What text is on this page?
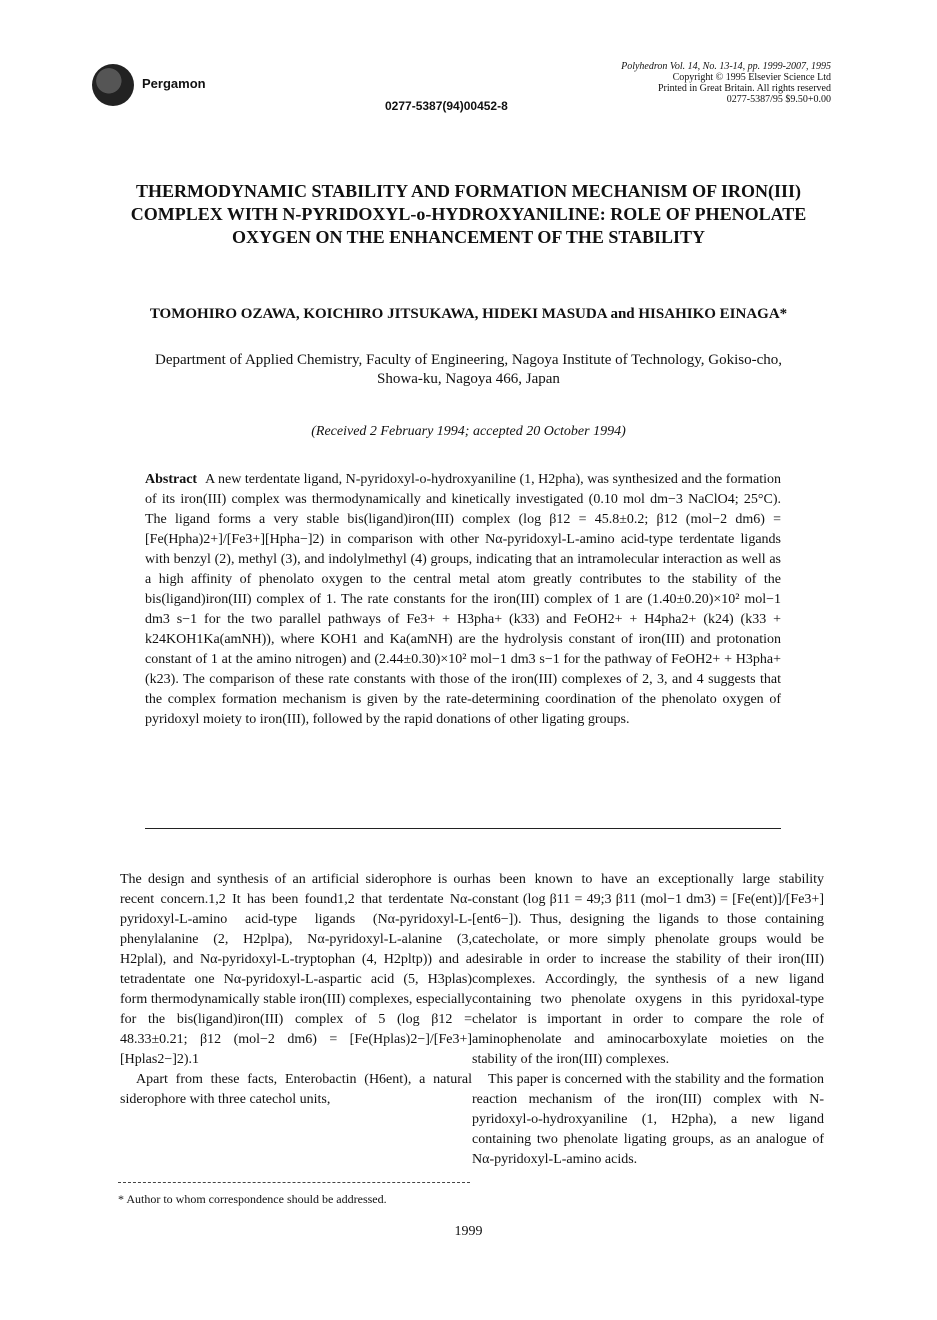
Pergamon
Polyhedron Vol. 14, No. 13-14, pp. 1999-2007, 1995
Copyright © 1995 Elsevier Science Ltd
Printed in Great Britain. All rights reserved
0277-5387/95 $9.50+0.00
0277-5387(94)00452-8
THERMODYNAMIC STABILITY AND FORMATION MECHANISM OF IRON(III) COMPLEX WITH N-PYRIDOXYL-o-HYDROXYANILINE: ROLE OF PHENOLATE OXYGEN ON THE ENHANCEMENT OF THE STABILITY
TOMOHIRO OZAWA, KOICHIRO JITSUKAWA, HIDEKI MASUDA and HISAHIKO EINAGA*
Department of Applied Chemistry, Faculty of Engineering, Nagoya Institute of Technology, Gokiso-cho, Showa-ku, Nagoya 466, Japan
(Received 2 February 1994; accepted 20 October 1994)
Abstract A new terdentate ligand, N-pyridoxyl-o-hydroxyaniline (1, H2pha), was synthesized and the formation of its iron(III) complex was thermodynamically and kinetically investigated (0.10 mol dm−3 NaClO4; 25°C). The ligand forms a very stable bis(ligand)iron(III) complex (log β12 = 45.8±0.2; β12 (mol−2 dm6) = [Fe(Hpha)2+]/[Fe3+][Hpha−]2) in comparison with other Nα-pyridoxyl-L-amino acid-type terdentate ligands with benzyl (2), methyl (3), and indolylmethyl (4) groups, indicating that an intramolecular interaction as well as a high affinity of phenolato oxygen to the central metal atom greatly contributes to the stability of the bis(ligand)iron(III) complex of 1. The rate constants for the iron(III) complex of 1 are (1.40±0.20)×10² mol−1 dm3 s−1 for the two parallel pathways of Fe3+ + H3pha+ (k33) and FeOH2+ + H4pha2+ (k24) (k33 + k24KOH1Ka(amNH)), where KOH1 and Ka(amNH) are the hydrolysis constant of iron(III) and protonation constant of 1 at the amino nitrogen) and (2.44±0.30)×10² mol−1 dm3 s−1 for the pathway of FeOH2+ + H3pha+(k23). The comparison of these rate constants with those of the iron(III) complexes of 2, 3, and 4 suggests that the complex formation mechanism is given by the rate-determining coordination of the phenolato oxygen of pyridoxyl moiety to iron(III), followed by the rapid donations of other ligating groups.

The design and synthesis of an artificial siderophore is our recent concern.1,2 It has been found1,2 that terdentate Nα-pyridoxyl-L-amino acid-type ligands (Nα-pyridoxyl-L-phenylalanine (2, H2plpa), Nα-pyridoxyl-L-alanine (3, H2plal), and Nα-pyridoxyl-L-tryptophan (4, H2pltp)) and a tetradentate one Nα-pyridoxyl-L-aspartic acid (5, H3plas) form thermodynamically stable iron(III) complexes, especially for the bis(ligand)iron(III) complex of 5 (log β12 = 48.33±0.21; β12 (mol−2 dm6) = [Fe(Hplas)2−]/[Fe3+][Hplas2−]2).1

Apart from these facts, Enterobactin (H6ent), a natural siderophore with three catechol units,

has been known to have an exceptionally large stability constant (log β11 = 49;3 β11 (mol−1 dm3) = [Fe(ent)]/[Fe3+][ent6−]). Thus, designing the ligands to those containing catecholate, or more simply phenolate groups would be desirable in order to increase the stability of their iron(III) complexes. Accordingly, the synthesis of a new ligand containing two phenolate oxygens in this pyridoxal-type chelator is important in order to compare the role of aminophenolate and aminocarboxylate moieties on the stability of the iron(III) complexes.

This paper is concerned with the stability and the formation reaction mechanism of the iron(III) complex with N-pyridoxyl-o-hydroxyaniline (1, H2pha), a new ligand containing two phenolate ligating groups, as an analogue of Nα-pyridoxyl-L-amino acids.

* Author to whom correspondence should be addressed.
1999
